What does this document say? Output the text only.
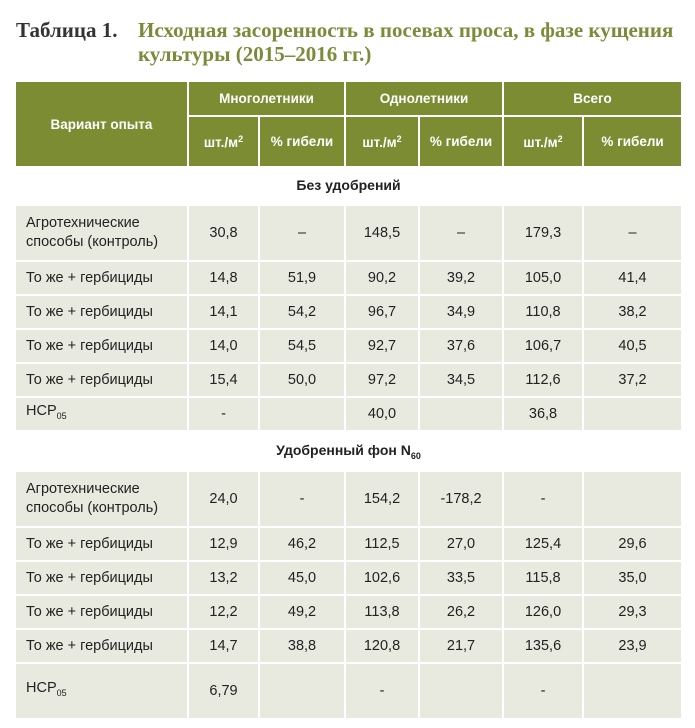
Таблица 1. Исходная засоренность в посевах проса, в фазе кущения культуры (2015–2016 гг.)
Вариант опыта	Многолетники		Однолетники		Всего	
	$шт./м^2$	% гибели	$шт./м^2$	% гибели	$шт./м^2$	% гибели
Без удобрений						
Агротехнические способы (контроль)	30,8	–	148,5	–	179,3	–
То же + гербициды	14,8	51,9	90,2	39,2	105,0	41,4
То же + гербициды	14,1	54,2	96,7	34,9	110,8	38,2
То же + гербициды	14,0	54,5	92,7	37,6	106,7	40,5
То же + гербициды	15,4	50,0	97,2	34,5	112,6	37,2
$НСР_{05}$	-		40,0		36,8	
Удобренный фон $N_{60}$
Агротехнические способы (контроль)	24,0	-	154,2	-178,2	-	
То же + гербициды	12,9	46,2	112,5	27,0	125,4	29,6
То же + гербициды	13,2	45,0	102,6	33,5	115,8	35,0
То же + гербициды	12,2	49,2	113,8	26,2	126,0	29,3
То же + гербициды	14,7	38,8	120,8	21,7	135,6	23,9
$НСР_{05}$	6,79		-		-	
